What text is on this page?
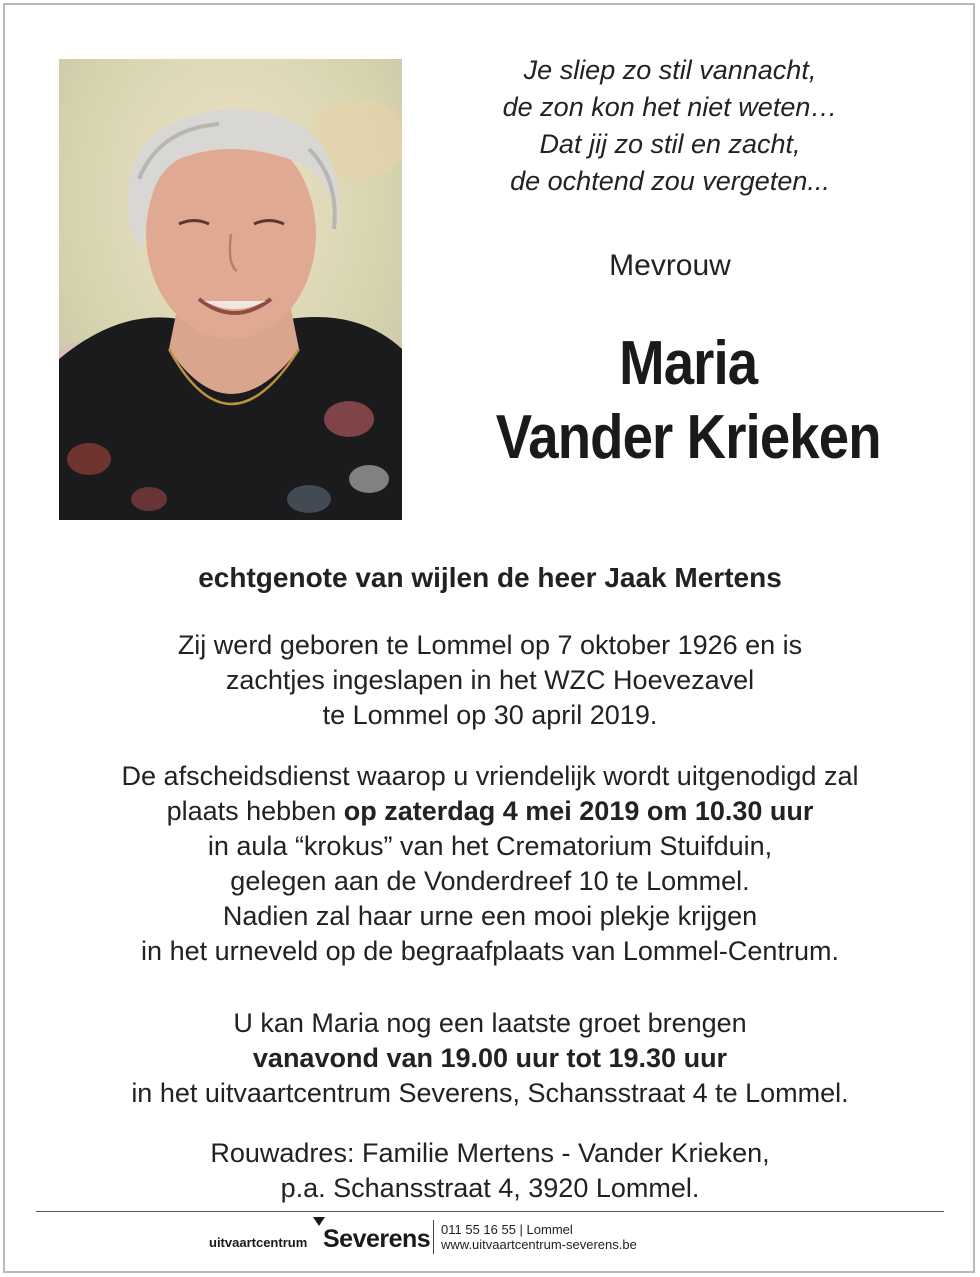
Je sliep zo stil vannacht,
de zon kon het niet weten…
Dat jij zo stil en zacht,
de ochtend zou vergeten...
Mevrouw
Maria
Vander Krieken
echtgenote van wijlen de heer Jaak Mertens
Zij werd geboren te Lommel op 7 oktober 1926 en is
zachtjes ingeslapen in het WZC Hoevezavel
te Lommel op 30 april 2019.
De afscheidsdienst waarop u vriendelijk wordt uitgenodigd zal
plaats hebben op zaterdag 4 mei 2019 om 10.30 uur
in aula “krokus” van het Crematorium Stuifduin,
gelegen aan de Vonderdreef 10 te Lommel.
Nadien zal haar urne een mooi plekje krijgen
in het urneveld op de begraafplaats van Lommel-Centrum.
U kan Maria nog een laatste groet brengen
vanavond van 19.00 uur tot 19.30 uur
in het uitvaartcentrum Severens, Schansstraat 4 te Lommel.
Rouwadres: Familie Mertens - Vander Krieken,
p.a. Schansstraat 4, 3920 Lommel.
uitvaartcentrum Severens 011 55 16 55 | Lommel
www.uitvaartcentrum-severens.be
